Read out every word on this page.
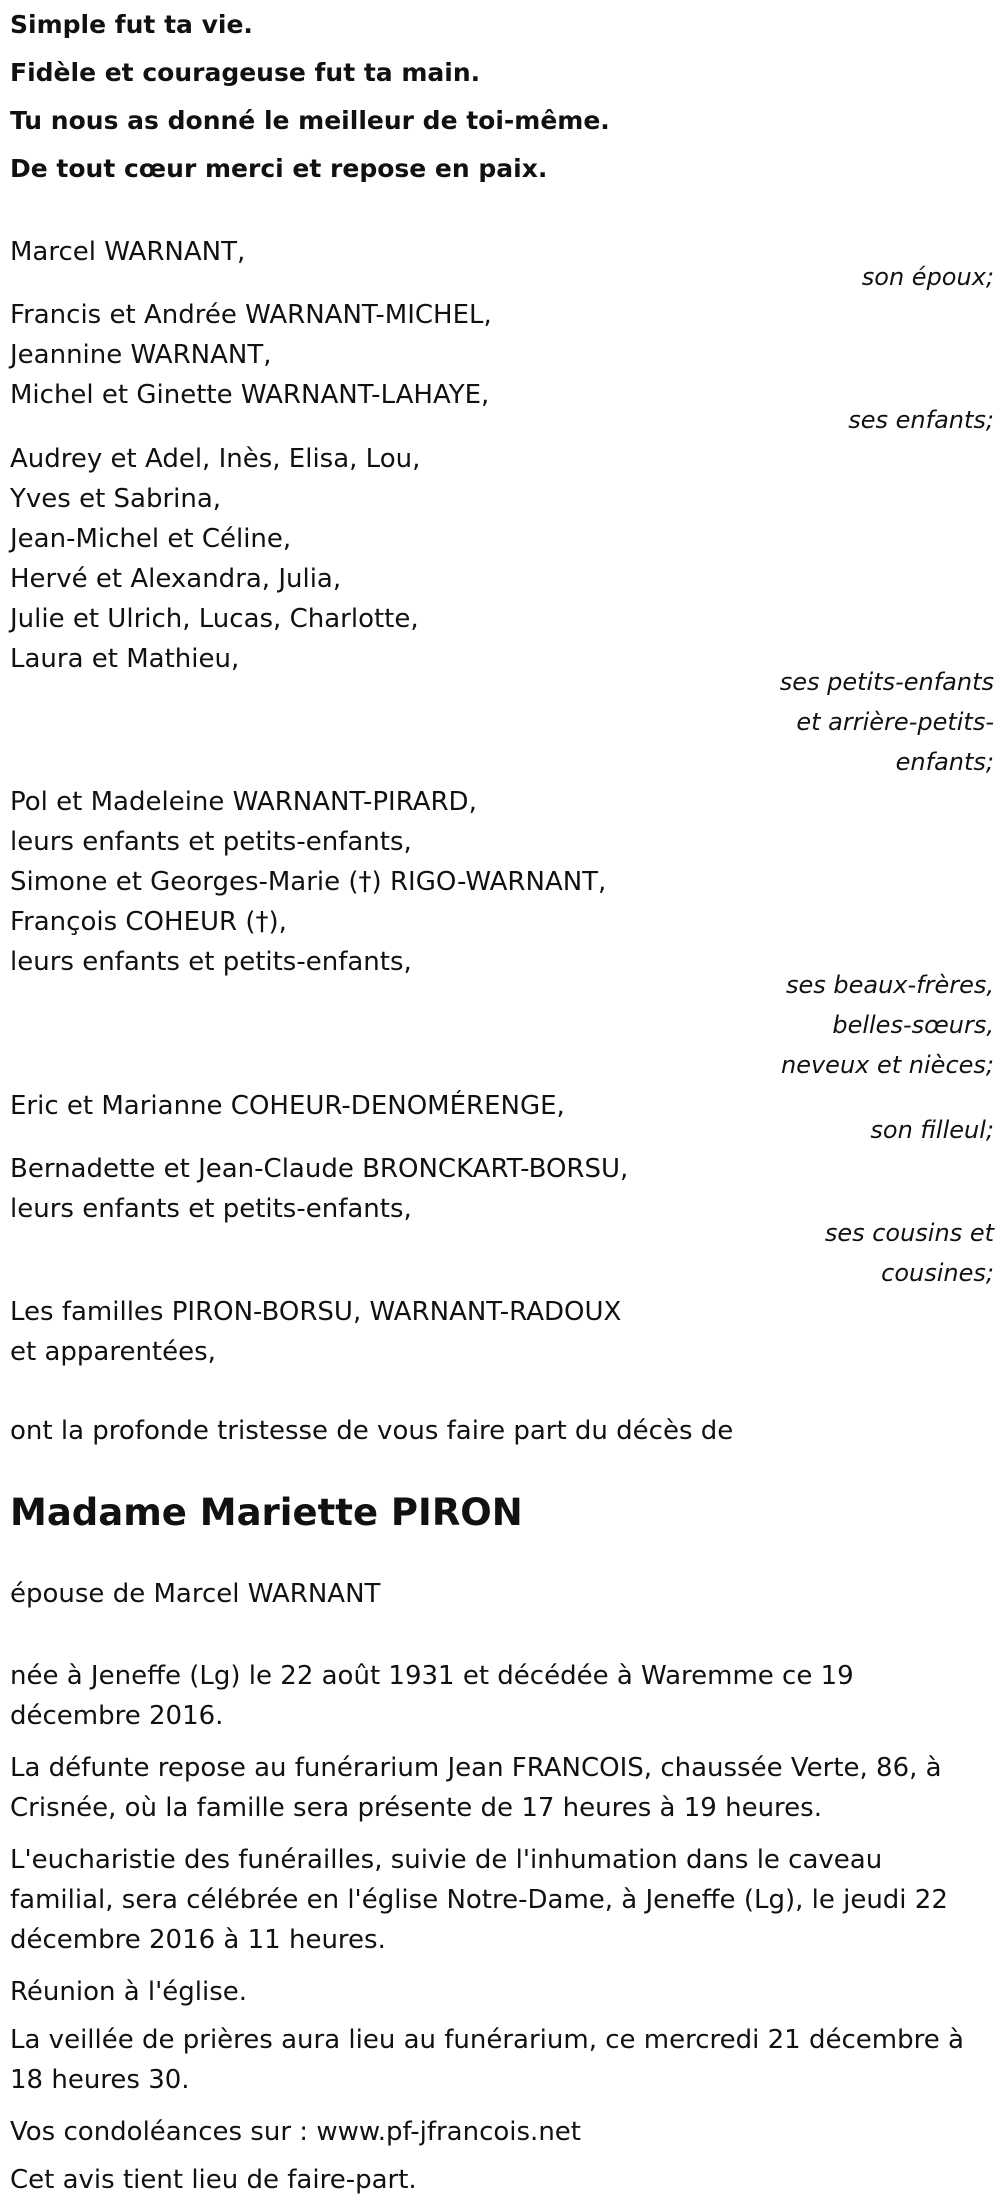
Simple fut ta vie.

Fidèle et courageuse fut ta main.

Tu nous as donné le meilleur de toi-même.

De tout cœur merci et repose en paix.

Marcel WARNANT,

son époux;

Francis et Andrée WARNANT-MICHEL,

Jeannine WARNANT,

Michel et Ginette WARNANT-LAHAYE,

ses enfants;

Audrey et Adel, Inès, Elisa, Lou,

Yves et Sabrina,

Jean-Michel et Céline,

Hervé et Alexandra, Julia,

Julie et Ulrich, Lucas, Charlotte,

Laura et Mathieu,

ses petits-enfants

et arrière-petits-

enfants;

Pol et Madeleine WARNANT-PIRARD,

leurs enfants et petits-enfants,

Simone et Georges-Marie (†) RIGO-WARNANT,

François COHEUR (†),

leurs enfants et petits-enfants,

ses beaux-frères,

belles-sœurs,

neveux et nièces;

Eric et Marianne COHEUR-DENOMÉRENGE,

son filleul;

Bernadette et Jean-Claude BRONCKART-BORSU,

leurs enfants et petits-enfants,

ses cousins et

cousines;

Les familles PIRON-BORSU, WARNANT-RADOUX

et apparentées,

ont la profonde tristesse de vous faire part du décès de

Madame Mariette PIRON

épouse de Marcel WARNANT

née à Jeneffe (Lg) le 22 août 1931 et décédée à Waremme ce 19 décembre 2016.

La défunte repose au funérarium Jean FRANCOIS, chaussée Verte, 86, à Crisnée, où la famille sera présente de 17 heures à 19 heures.

L'eucharistie des funérailles, suivie de l'inhumation dans le caveau familial, sera célébrée en l'église Notre-Dame, à Jeneffe (Lg), le jeudi 22 décembre 2016 à 11 heures.

Réunion à l'église.

La veillée de prières aura lieu au funérarium, ce mercredi 21 décembre à 18 heures 30.

Vos condoléances sur : www.pf-jfrancois.net

Cet avis tient lieu de faire-part.
